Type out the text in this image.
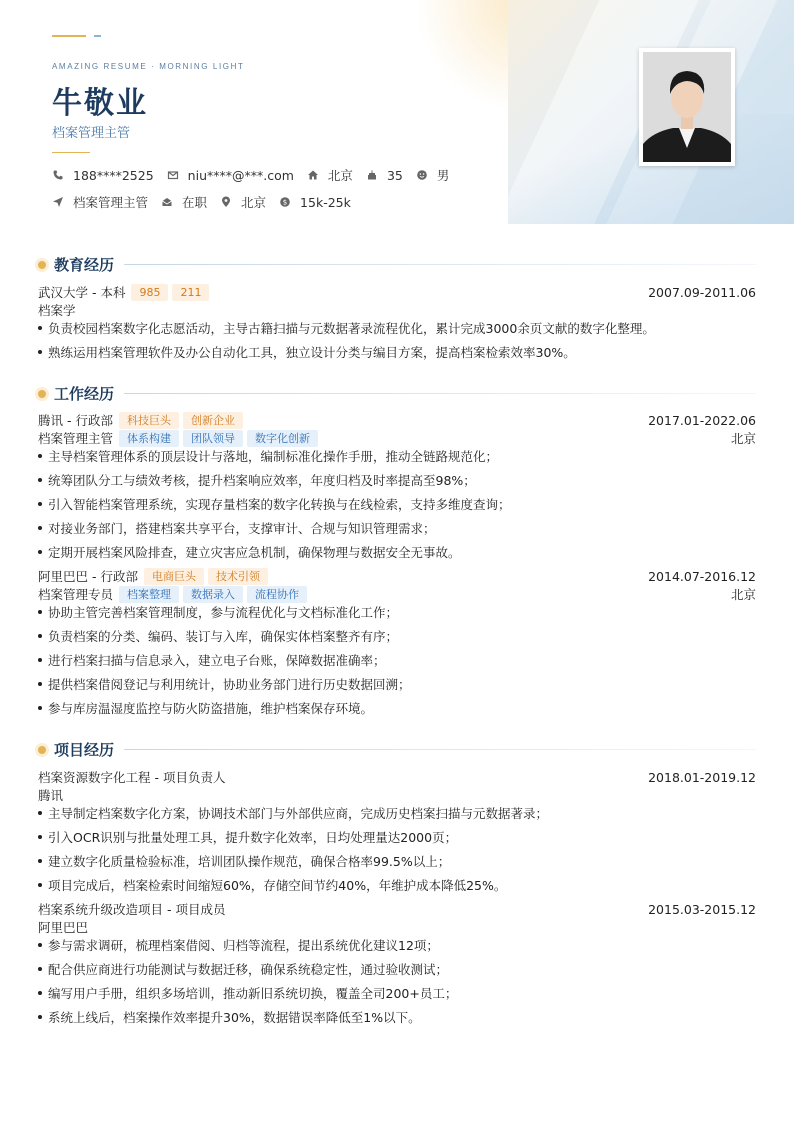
AMAZING RESUME · MORNING LIGHT
牛敬业
档案管理主管
188****2525	niu****@***.com	北京	35	男
档案管理主管	在职	北京 $ 15k-25k
教育经历
武汉大学 - 本科	985	211	2007.09-2011.06
档案学
负责校园档案数字化志愿活动，主导古籍扫描与元数据著录流程优化，累计完成3000余页文献的数字化整理。
熟练运用档案管理软件及办公自动化工具，独立设计分类与编目方案，提高档案检索效率30%。
工作经历
腾讯 - 行政部	科技巨头	创新企业	2017.01-2022.06
档案管理主管	体系构建	团队领导	数字化创新	北京
主导档案管理体系的顶层设计与落地，编制标准化操作手册，推动全链路规范化；
统筹团队分工与绩效考核，提升档案响应效率，年度归档及时率提高至98%；
引入智能档案管理系统，实现存量档案的数字化转换与在线检索，支持多维度查询；
对接业务部门，搭建档案共享平台，支撑审计、合规与知识管理需求；
定期开展档案风险排查，建立灾害应急机制，确保物理与数据安全无事故。
阿里巴巴 - 行政部	电商巨头	技术引领	2014.07-2016.12
档案管理专员	档案整理	数据录入	流程协作	北京
协助主管完善档案管理制度，参与流程优化与文档标准化工作；
负责档案的分类、编码、装订与入库，确保实体档案整齐有序；
进行档案扫描与信息录入，建立电子台账，保障数据准确率；
提供档案借阅登记与利用统计，协助业务部门进行历史数据回溯；
参与库房温湿度监控与防火防盗措施，维护档案保存环境。
项目经历
档案资源数字化工程 - 项目负责人	2018.01-2019.12
腾讯
主导制定档案数字化方案，协调技术部门与外部供应商，完成历史档案扫描与元数据著录；
引入OCR识别与批量处理工具，提升数字化效率，日均处理量达2000页；
建立数字化质量检验标准，培训团队操作规范，确保合格率99.5%以上；
项目完成后，档案检索时间缩短60%，存储空间节约40%，年维护成本降低25%。
档案系统升级改造项目 - 项目成员	2015.03-2015.12
阿里巴巴
参与需求调研，梳理档案借阅、归档等流程，提出系统优化建议12项；
配合供应商进行功能测试与数据迁移，确保系统稳定性，通过验收测试；
编写用户手册，组织多场培训，推动新旧系统切换，覆盖全司200+员工；
系统上线后，档案操作效率提升30%，数据错误率降低至1%以下。
